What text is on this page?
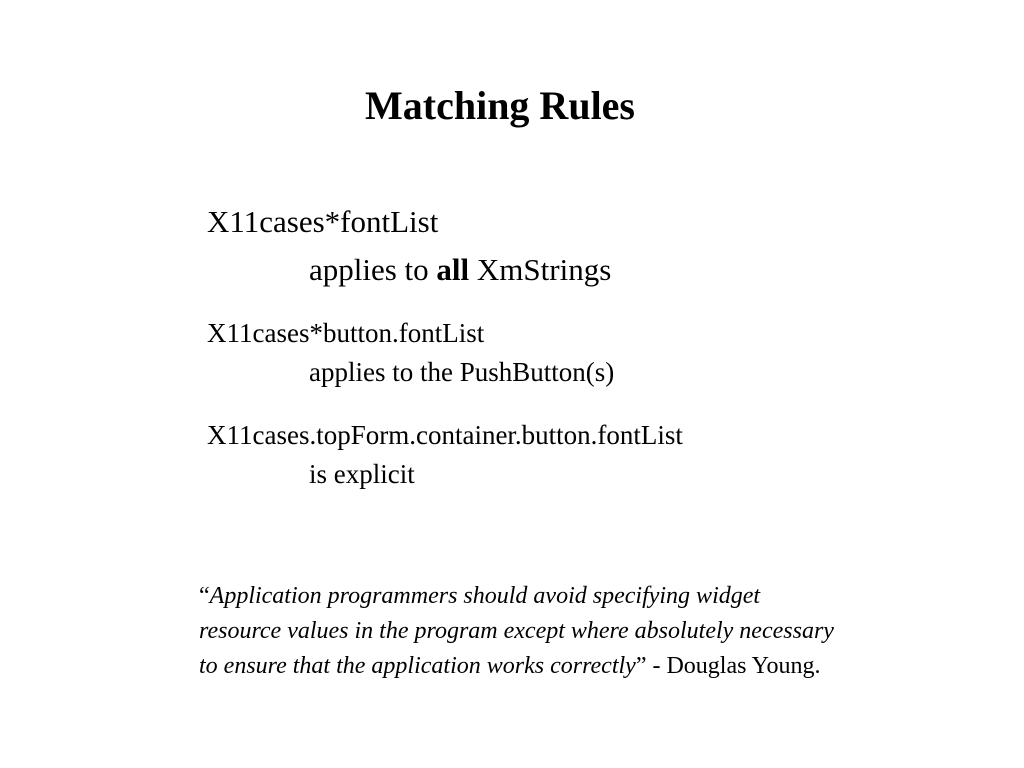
Matching Rules
X11cases*fontList
applies to all XmStrings
X11cases*button.fontList
applies to the PushButton(s)
X11cases.topForm.container.button.fontList
is explicit
“Application programmers should avoid specifying widget
resource values in the program except where absolutely necessary
to ensure that the application works correctly” - Douglas Young.
